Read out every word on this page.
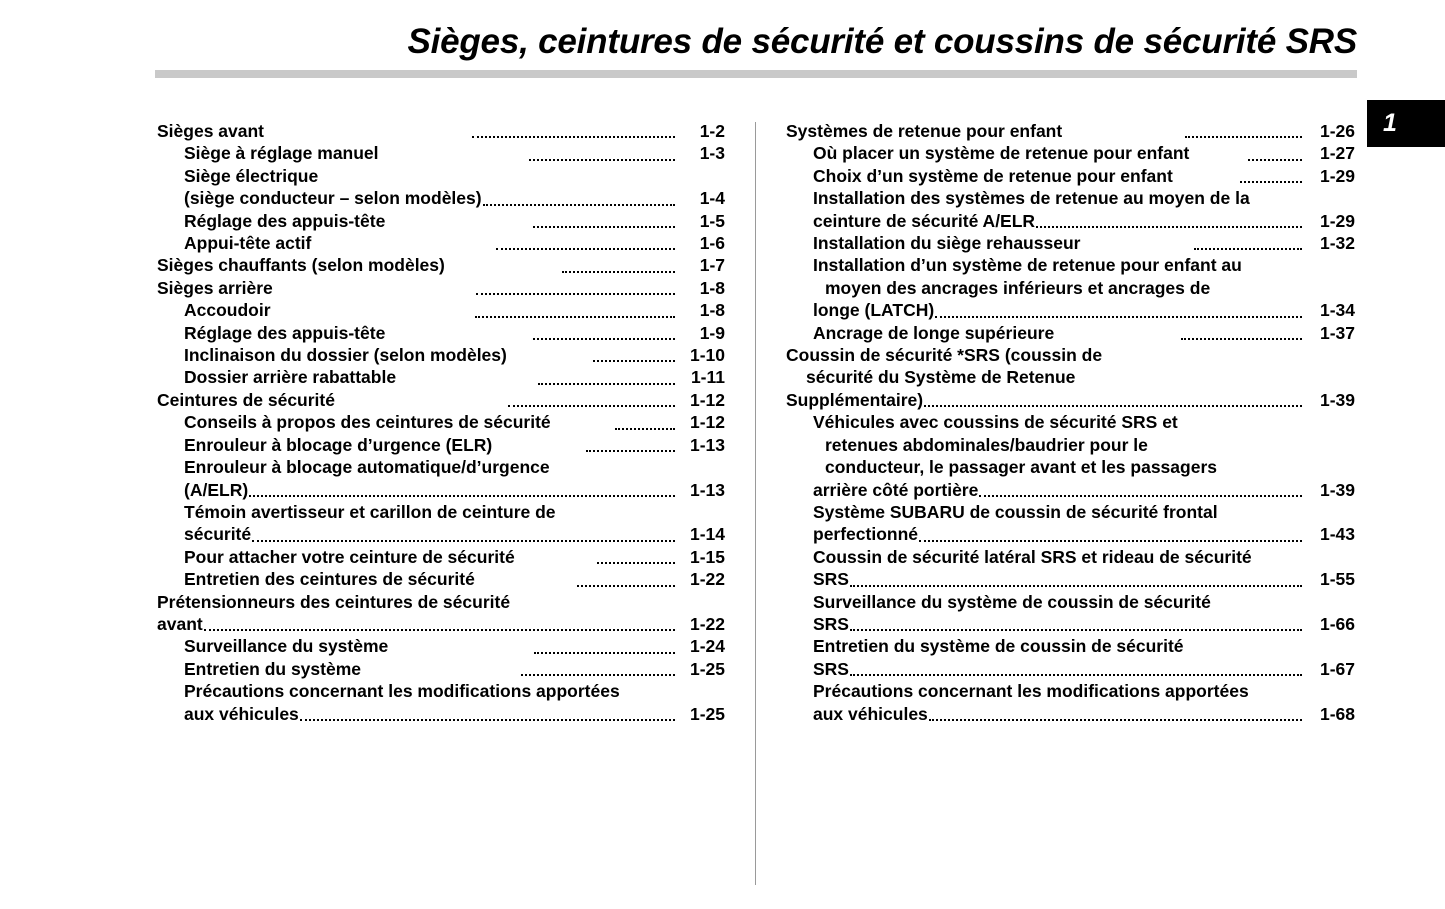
Sièges, ceintures de sécurité et coussins de sécurité SRS
1
Sièges avant	1-2
Siège à réglage manuel	1-3
Siège électrique
(siège conducteur – selon modèles)	1-4
Réglage des appuis-tête	1-5
Appui-tête actif	1-6
Sièges chauffants (selon modèles)	1-7
Sièges arrière	1-8
Accoudoir	1-8
Réglage des appuis-tête	1-9
Inclinaison du dossier (selon modèles)	1-10
Dossier arrière rabattable	1-11
Ceintures de sécurité	1-12
Conseils à propos des ceintures de sécurité	1-12
Enrouleur à blocage d’urgence (ELR)	1-13
Enrouleur à blocage automatique/d’urgence
(A/ELR)	1-13
Témoin avertisseur et carillon de ceinture de
sécurité	1-14
Pour attacher votre ceinture de sécurité	1-15
Entretien des ceintures de sécurité	1-22
Prétensionneurs des ceintures de sécurité
avant	1-22
Surveillance du système	1-24
Entretien du système	1-25
Précautions concernant les modifications apportées
aux véhicules	1-25
Systèmes de retenue pour enfant	1-26
Où placer un système de retenue pour enfant	1-27
Choix d’un système de retenue pour enfant	1-29
Installation des systèmes de retenue au moyen de la
ceinture de sécurité A/ELR	1-29
Installation du siège rehausseur	1-32
Installation d’un système de retenue pour enfant au
moyen des ancrages inférieurs et ancrages de
longe (LATCH)	1-34
Ancrage de longe supérieure	1-37
Coussin de sécurité *SRS (coussin de
sécurité du Système de Retenue
Supplémentaire)	1-39
Véhicules avec coussins de sécurité SRS et
retenues abdominales/baudrier pour le
conducteur, le passager avant et les passagers
arrière côté portière	1-39
Système SUBARU de coussin de sécurité frontal
perfectionné	1-43
Coussin de sécurité latéral SRS et rideau de sécurité
SRS	1-55
Surveillance du système de coussin de sécurité
SRS	1-66
Entretien du système de coussin de sécurité
SRS	1-67
Précautions concernant les modifications apportées
aux véhicules	1-68
